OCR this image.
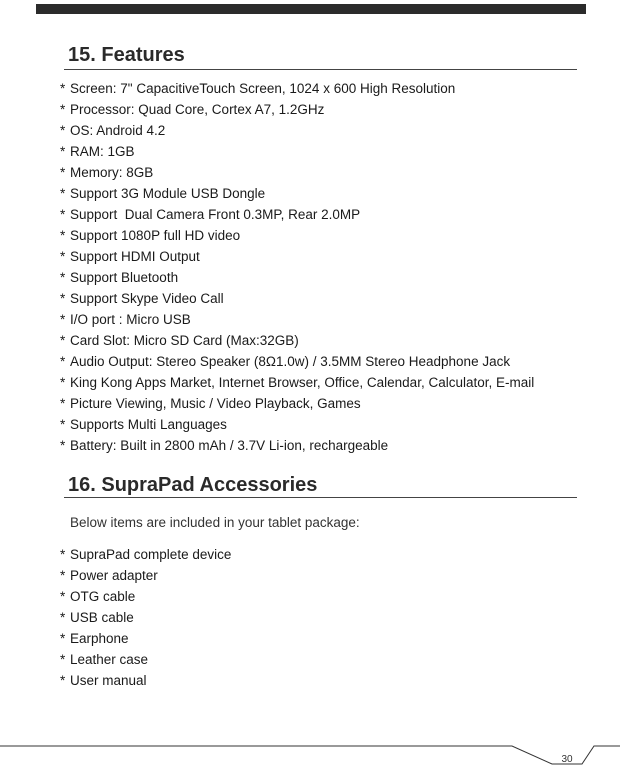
15. Features
* Screen: 7" CapacitiveTouch Screen, 1024 x 600 High Resolution
* Processor: Quad Core, Cortex A7, 1.2GHz
* OS: Android 4.2
* RAM: 1GB
* Memory: 8GB
* Support 3G Module USB Dongle
* Support  Dual Camera Front 0.3MP, Rear 2.0MP
* Support 1080P full HD video
* Support HDMI Output
* Support Bluetooth
* Support Skype Video Call
* I/O port : Micro USB
* Card Slot: Micro SD Card (Max:32GB)
* Audio Output: Stereo Speaker (8Ω1.0w) / 3.5MM Stereo Headphone Jack
* King Kong Apps Market, Internet Browser, Office, Calendar, Calculator, E-mail
* Picture Viewing, Music / Video Playback, Games
* Supports Multi Languages
* Battery: Built in 2800 mAh / 3.7V Li-ion, rechargeable
16. SupraPad Accessories

Below items are included in your tablet package:

* SupraPad complete device
* Power adapter
* OTG cable
* USB cable
* Earphone
* Leather case
* User manual
30
